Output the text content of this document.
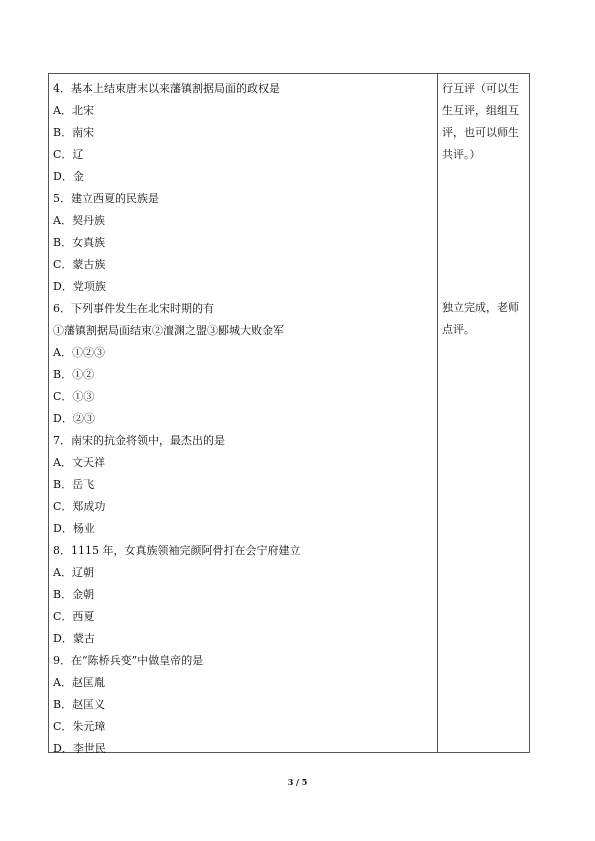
4．基本上结束唐末以来藩镇割据局面的政权是
A．北宋
B．南宋
C．辽
D．金
5．建立西夏的民族是
A．契丹族
B．女真族
C．蒙古族
D．党项族
6．下列事件发生在北宋时期的有
①藩镇割据局面结束②澶渊之盟③郾城大败金军
A．①②③
B．①②
C．①③
D．②③
7．南宋的抗金将领中，最杰出的是
A．文天祥
B．岳飞
C．郑成功
D．杨业
8．1115 年，女真族领袖完颜阿骨打在会宁府建立
A．辽朝
B．金朝
C．西夏
D．蒙古
9．在“陈桥兵变”中做皇帝的是
A．赵匡胤
B．赵匡义
C．朱元璋
D．李世民
行互评（可以生生互评，组组互评，也可以师生共评。）
独立完成，老师点评。
3 / 5
